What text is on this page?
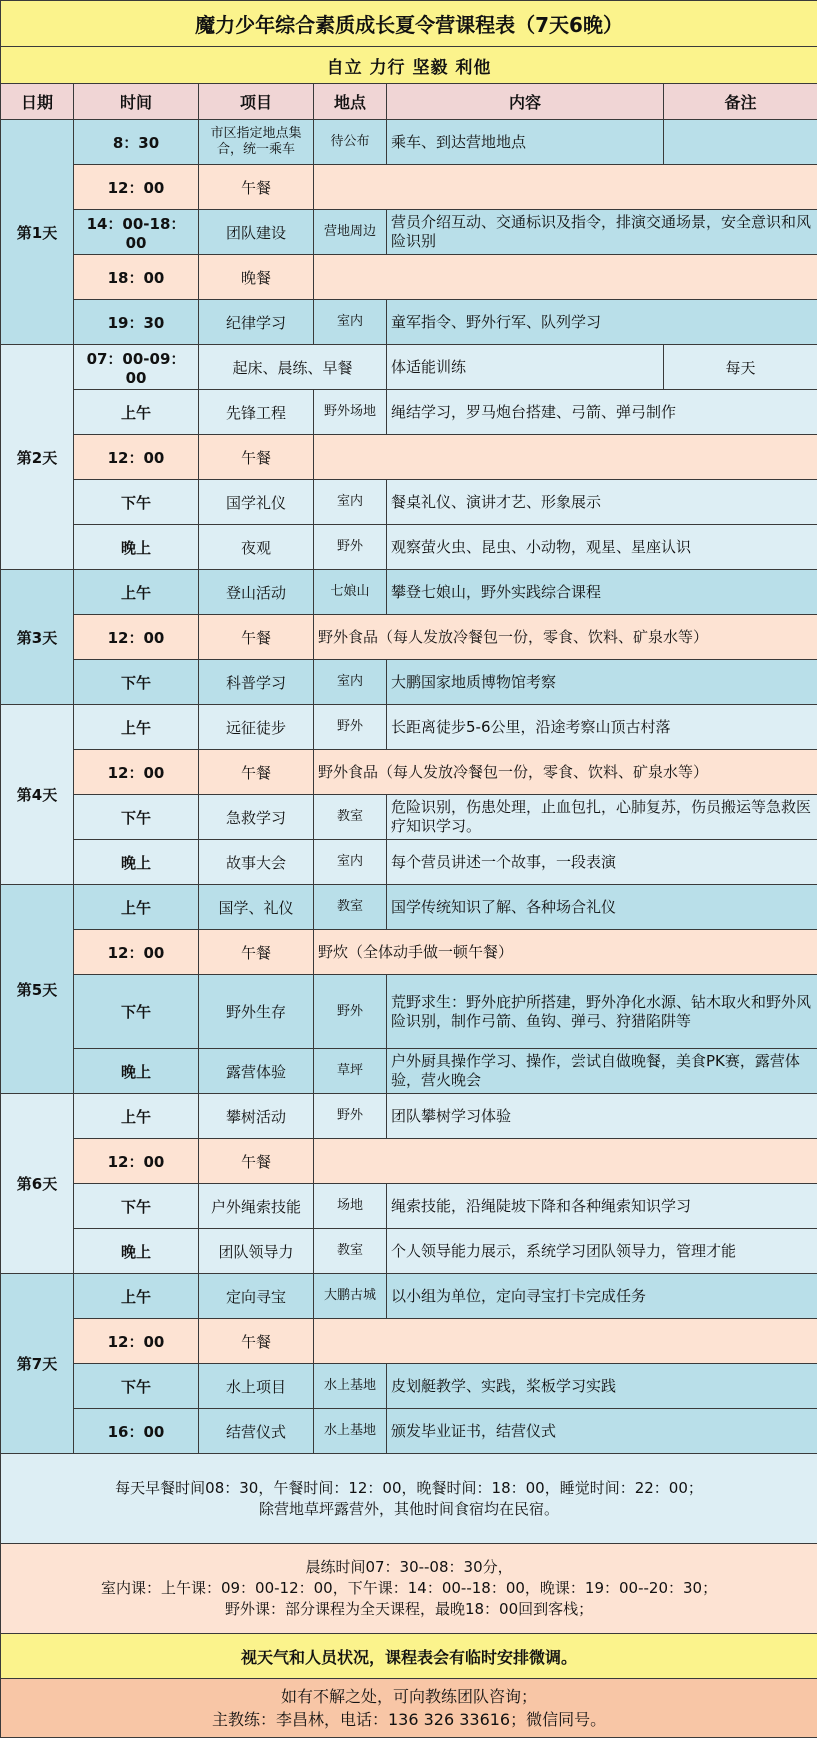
魔力少年综合素质成长夏令营课程表（7天6晚）					
自立 力行 坚毅 利他					
日期	时间	项目	地点	内容	备注
第1天	8：30	市区指定地点集合，统一乘车	待公布	乘车、到达营地地点	
	12：00	午餐			
	14：00-18：00	团队建设	营地周边	营员介绍互动、交通标识及指令，排演交通场景，安全意识和风险识别	
	18：00	晚餐			
	19：30	纪律学习	室内	童军指令、野外行军、队列学习	
第2天	07：00-09：00	起床、晨练、早餐		体适能训练	每天
	上午	先锋工程	野外场地	绳结学习，罗马炮台搭建、弓箭、弹弓制作	
	12：00	午餐			
	下午	国学礼仪	室内	餐桌礼仪、演讲才艺、形象展示	
	晚上	夜观	野外	观察萤火虫、昆虫、小动物，观星、星座认识	
第3天	上午	登山活动	七娘山	攀登七娘山，野外实践综合课程	
	12：00	午餐	野外食品（每人发放冷餐包一份，零食、饮料、矿泉水等）		
	下午	科普学习	室内	大鹏国家地质博物馆考察	
第4天	上午	远征徒步	野外	长距离徒步5-6公里，沿途考察山顶古村落	
	12：00	午餐	野外食品（每人发放冷餐包一份，零食、饮料、矿泉水等）		
	下午	急救学习	教室	危险识别，伤患处理，止血包扎，心肺复苏，伤员搬运等急救医疗知识学习。	
	晚上	故事大会	室内	每个营员讲述一个故事，一段表演	
第5天	上午	国学、礼仪	教室	国学传统知识了解、各种场合礼仪	
	12：00	午餐	野炊（全体动手做一顿午餐）		
	下午	野外生存	野外	荒野求生：野外庇护所搭建，野外净化水源、钻木取火和野外风险识别，制作弓箭、鱼钩、弹弓、狩猎陷阱等	
	晚上	露营体验	草坪	户外厨具操作学习、操作，尝试自做晚餐，美食PK赛，露营体验，营火晚会	
第6天	上午	攀树活动	野外	团队攀树学习体验	
	12：00	午餐			
	下午	户外绳索技能	场地	绳索技能，沿绳陡坡下降和各种绳索知识学习	
	晚上	团队领导力	教室	个人领导能力展示，系统学习团队领导力，管理才能	
第7天	上午	定向寻宝	大鹏古城	以小组为单位，定向寻宝打卡完成任务	
	12：00	午餐			
	下午	水上项目	水上基地	皮划艇教学、实践，桨板学习实践	
	16：00	结营仪式	水上基地	颁发毕业证书，结营仪式	

每天早餐时间08：30，午餐时间：12：00，晚餐时间：18：00，睡觉时间：22：00；
除营地草坪露营外，其他时间食宿均在民宿。					

晨练时间07：30--08：30分，
室内课：上午课：09：00-12：00，下午课：14：00--18：00，晚课：19：00--20：30；
野外课：部分课程为全天课程，最晚18：00回到客栈；					

视天气和人员状况，课程表会有临时安排微调。					

如有不解之处，可向教练团队咨询；
主教练：李昌林，电话：136 326 33616；微信同号。					
